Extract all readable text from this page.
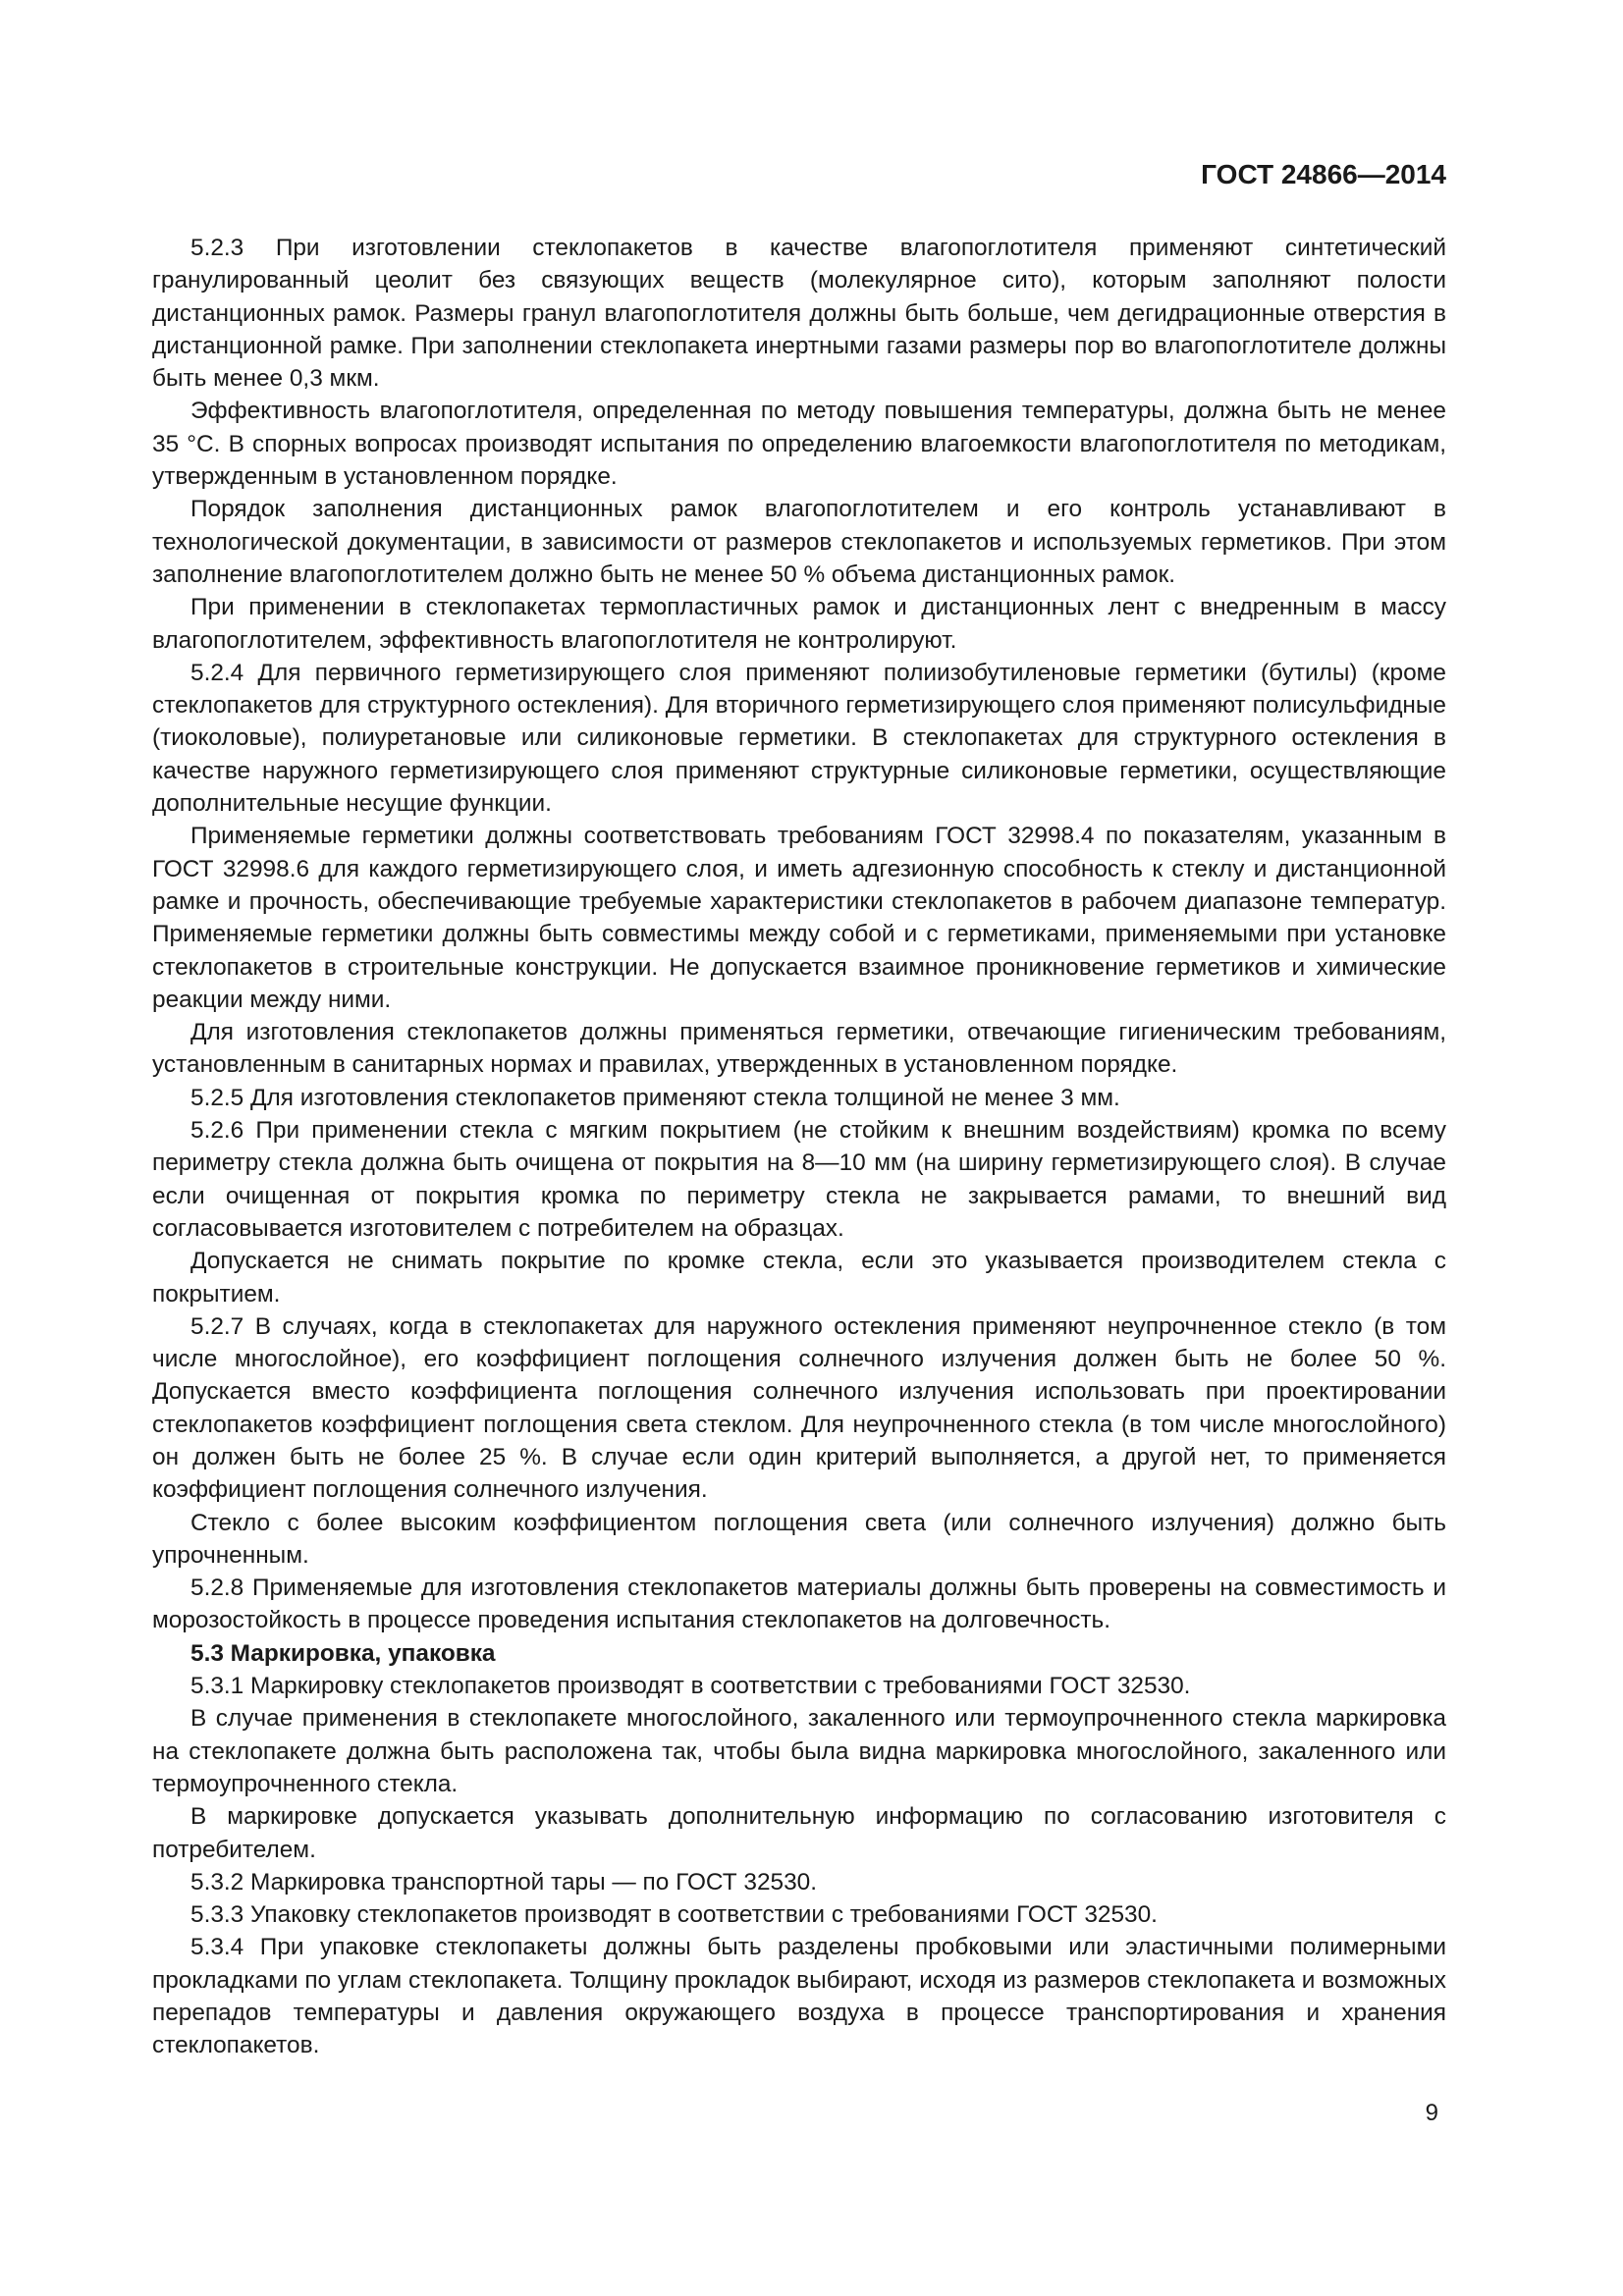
ГОСТ 24866—2014

5.2.3 При изготовлении стеклопакетов в качестве влагопоглотителя применяют синтетический гранулированный цеолит без связующих веществ (молекулярное сито), которым заполняют полости дистанционных рамок. Размеры гранул влагопоглотителя должны быть больше, чем дегидрационные отверстия в дистанционной рамке. При заполнении стеклопакета инертными газами размеры пор во влагопоглотителе должны быть менее 0,3 мкм.

Эффективность влагопоглотителя, определенная по методу повышения температуры, должна быть не менее 35 °С. В спорных вопросах производят испытания по определению влагоемкости влагопоглотителя по методикам, утвержденным в установленном порядке.

Порядок заполнения дистанционных рамок влагопоглотителем и его контроль устанавливают в технологической документации, в зависимости от размеров стеклопакетов и используемых герметиков. При этом заполнение влагопоглотителем должно быть не менее 50 % объема дистанционных рамок.

При применении в стеклопакетах термопластичных рамок и дистанционных лент с внедренным в массу влагопоглотителем, эффективность влагопоглотителя не контролируют.

5.2.4 Для первичного герметизирующего слоя применяют полиизобутиленовые герметики (бутилы) (кроме стеклопакетов для структурного остекления). Для вторичного герметизирующего слоя применяют полисульфидные (тиоколовые), полиуретановые или силиконовые герметики. В стеклопакетах для структурного остекления в качестве наружного герметизирующего слоя применяют структурные силиконовые герметики, осуществляющие дополнительные несущие функции.

Применяемые герметики должны соответствовать требованиям ГОСТ 32998.4 по показателям, указанным в ГОСТ 32998.6 для каждого герметизирующего слоя, и иметь адгезионную способность к стеклу и дистанционной рамке и прочность, обеспечивающие требуемые характеристики стеклопакетов в рабочем диапазоне температур. Применяемые герметики должны быть совместимы между собой и с герметиками, применяемыми при установке стеклопакетов в строительные конструкции. Не допускается взаимное проникновение герметиков и химические реакции между ними.

Для изготовления стеклопакетов должны применяться герметики, отвечающие гигиеническим требованиям, установленным в санитарных нормах и правилах, утвержденных в установленном порядке.

5.2.5 Для изготовления стеклопакетов применяют стекла толщиной не менее 3 мм.

5.2.6 При применении стекла с мягким покрытием (не стойким к внешним воздействиям) кромка по всему периметру стекла должна быть очищена от покрытия на 8—10 мм (на ширину герметизирующего слоя). В случае если очищенная от покрытия кромка по периметру стекла не закрывается рамами, то внешний вид согласовывается изготовителем с потребителем на образцах.

Допускается не снимать покрытие по кромке стекла, если это указывается производителем стекла с покрытием.

5.2.7 В случаях, когда в стеклопакетах для наружного остекления применяют неупрочненное стекло (в том числе многослойное), его коэффициент поглощения солнечного излучения должен быть не более 50 %. Допускается вместо коэффициента поглощения солнечного излучения использовать при проектировании стеклопакетов коэффициент поглощения света стеклом. Для неупрочненного стекла (в том числе многослойного) он должен быть не более 25 %. В случае если один критерий выполняется, а другой нет, то применяется коэффициент поглощения солнечного излучения.

Стекло с более высоким коэффициентом поглощения света (или солнечного излучения) должно быть упрочненным.

5.2.8 Применяемые для изготовления стеклопакетов материалы должны быть проверены на совместимость и морозостойкость в процессе проведения испытания стеклопакетов на долговечность.

5.3 Маркировка, упаковка

5.3.1 Маркировку стеклопакетов производят в соответствии с требованиями ГОСТ 32530.

В случае применения в стеклопакете многослойного, закаленного или термоупрочненного стекла маркировка на стеклопакете должна быть расположена так, чтобы была видна маркировка многослойного, закаленного или термоупрочненного стекла.

В маркировке допускается указывать дополнительную информацию по согласованию изготовителя с потребителем.

5.3.2 Маркировка транспортной тары — по ГОСТ 32530.

5.3.3 Упаковку стеклопакетов производят в соответствии с требованиями ГОСТ 32530.

5.3.4 При упаковке стеклопакеты должны быть разделены пробковыми или эластичными полимерными прокладками по углам стеклопакета. Толщину прокладок выбирают, исходя из размеров стеклопакета и возможных перепадов температуры и давления окружающего воздуха в процессе транспортирования и хранения стеклопакетов.

9
